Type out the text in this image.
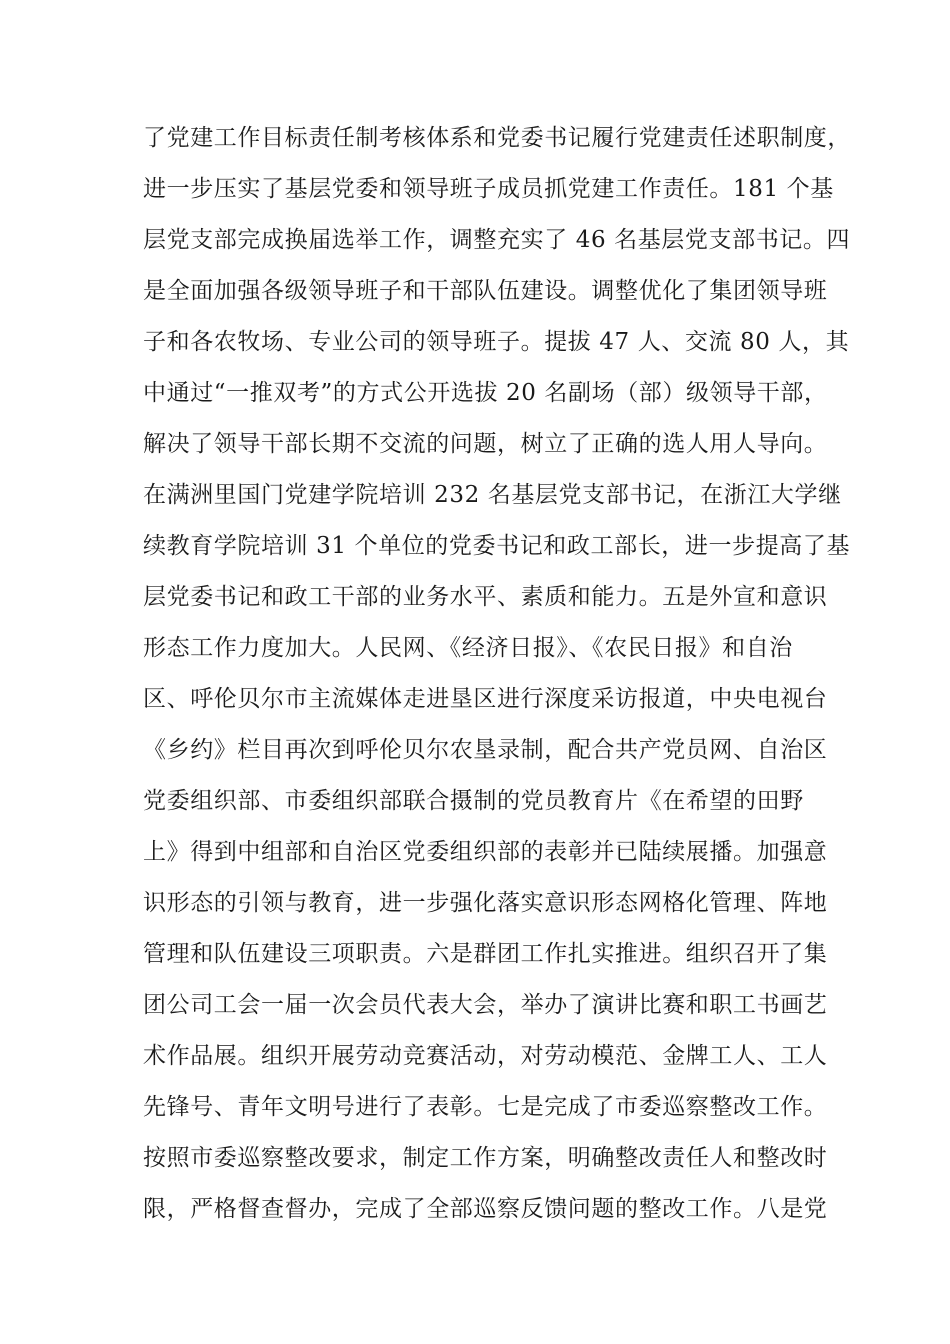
了党建工作目标责任制考核体系和党委书记履行党建责任述职制度，
进一步压实了基层党委和领导班子成员抓党建工作责任。181 个基
层党支部完成换届选举工作，调整充实了 46 名基层党支部书记。四
是全面加强各级领导班子和干部队伍建设。调整优化了集团领导班
子和各农牧场、专业公司的领导班子。提拔 47 人、交流 80 人，其
中通过“一推双考”的方式公开选拔 20 名副场（部）级领导干部，
解决了领导干部长期不交流的问题，树立了正确的选人用人导向。
在满洲里国门党建学院培训 232 名基层党支部书记，在浙江大学继
续教育学院培训 31 个单位的党委书记和政工部长，进一步提高了基
层党委书记和政工干部的业务水平、素质和能力。五是外宣和意识
形态工作力度加大。人民网、《经济日报》、《农民日报》和自治
区、呼伦贝尔市主流媒体走进垦区进行深度采访报道，中央电视台
《乡约》栏目再次到呼伦贝尔农垦录制，配合共产党员网、自治区
党委组织部、市委组织部联合摄制的党员教育片《在希望的田野
上》得到中组部和自治区党委组织部的表彰并已陆续展播。加强意
识形态的引领与教育，进一步强化落实意识形态网格化管理、阵地
管理和队伍建设三项职责。六是群团工作扎实推进。组织召开了集
团公司工会一届一次会员代表大会，举办了演讲比赛和职工书画艺
术作品展。组织开展劳动竞赛活动，对劳动模范、金牌工人、工人
先锋号、青年文明号进行了表彰。七是完成了市委巡察整改工作。
按照市委巡察整改要求，制定工作方案，明确整改责任人和整改时
限，严格督查督办，完成了全部巡察反馈问题的整改工作。八是党
